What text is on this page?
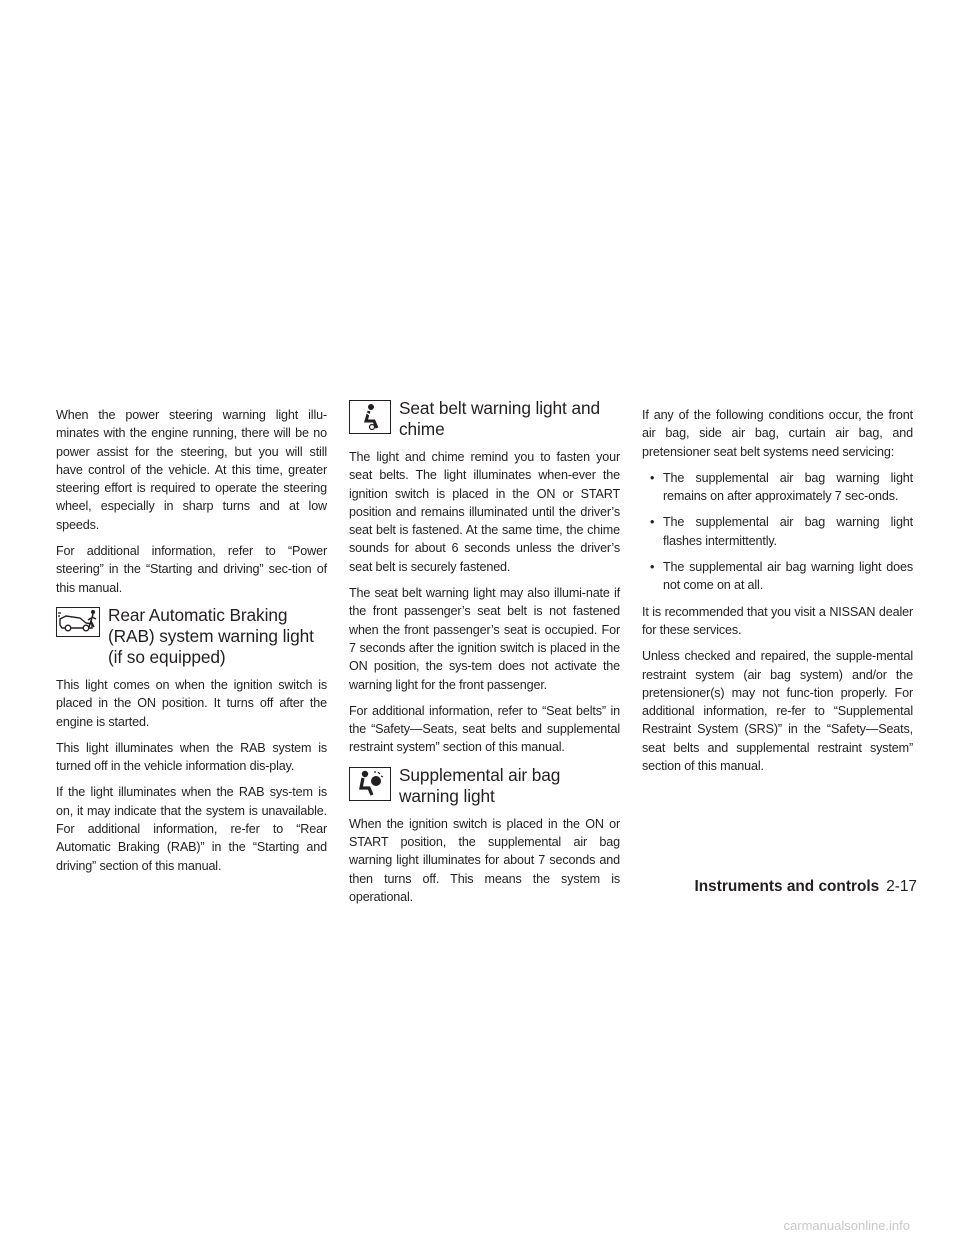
When the power steering warning light illu-minates with the engine running, there will be no power assist for the steering, but you will still have control of the vehicle. At this time, greater steering effort is required to operate the steering wheel, especially in sharp turns and at low speeds.

For additional information, refer to “Power steering” in the “Starting and driving” sec-tion of this manual.

Rear Automatic Braking (RAB) system warning light (if so equipped)

This light comes on when the ignition switch is placed in the ON position. It turns off after the engine is started.

This light illuminates when the RAB system is turned off in the vehicle information dis-play.

If the light illuminates when the RAB sys-tem is on, it may indicate that the system is unavailable. For additional information, re-fer to “Rear Automatic Braking (RAB)” in the “Starting and driving” section of this manual.

Seat belt warning light and chime

The light and chime remind you to fasten your seat belts. The light illuminates when-ever the ignition switch is placed in the ON or START position and remains illuminated until the driver’s seat belt is fastened. At the same time, the chime sounds for about 6 seconds unless the driver’s seat belt is securely fastened.

The seat belt warning light may also illumi-nate if the front passenger’s seat belt is not fastened when the front passenger’s seat is occupied. For 7 seconds after the ignition switch is placed in the ON position, the sys-tem does not activate the warning light for the front passenger.

For additional information, refer to “Seat belts” in the “Safety—Seats, seat belts and supplemental restraint system” section of this manual.

Supplemental air bag warning light

When the ignition switch is placed in the ON or START position, the supplemental air bag warning light illuminates for about 7 seconds and then turns off. This means the system is operational.

If any of the following conditions occur, the front air bag, side air bag, curtain air bag, and pretensioner seat belt systems need servicing:

• The supplemental air bag warning light remains on after approximately 7 sec-onds.
• The supplemental air bag warning light flashes intermittently.
• The supplemental air bag warning light does not come on at all.

It is recommended that you visit a NISSAN dealer for these services.

Unless checked and repaired, the supple-mental restraint system (air bag system) and/or the pretensioner(s) may not func-tion properly. For additional information, re-fer to “Supplemental Restraint System (SRS)” in the “Safety—Seats, seat belts and supplemental restraint system” section of this manual.

Instruments and controls 2-17
carmanualsonline.info
